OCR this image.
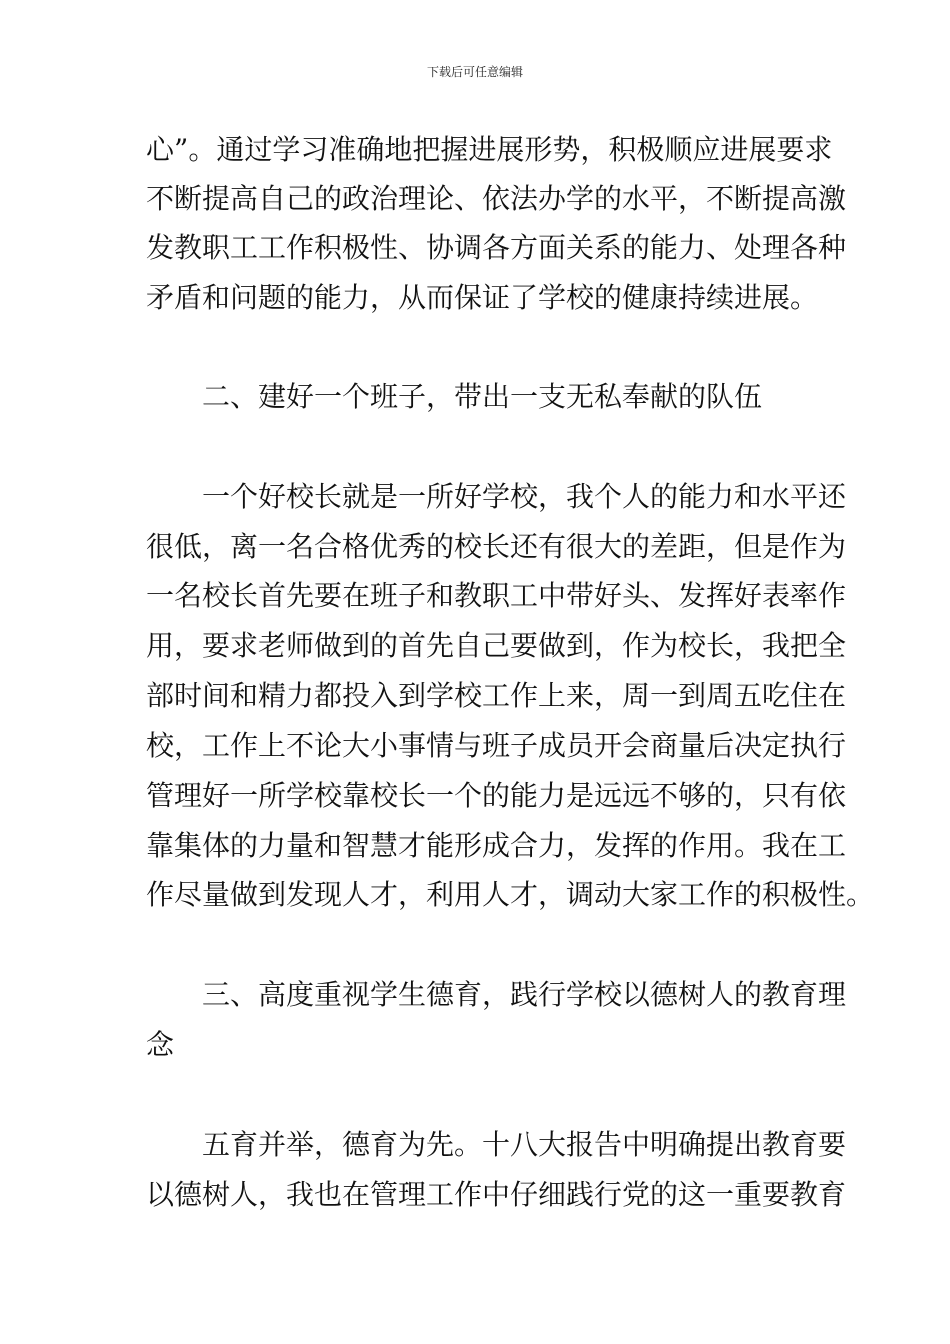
下载后可任意编辑
心”。通过学习准确地把握进展形势，积极顺应进展要求
不断提高自己的政治理论、依法办学的水平，不断提高激
发教职工工作积极性、协调各方面关系的能力、处理各种
矛盾和问题的能力，从而保证了学校的健康持续进展。
二、建好一个班子，带出一支无私奉献的队伍
一个好校长就是一所好学校，我个人的能力和水平还
很低，离一名合格优秀的校长还有很大的差距，但是作为
一名校长首先要在班子和教职工中带好头、发挥好表率作
用，要求老师做到的首先自己要做到，作为校长，我把全
部时间和精力都投入到学校工作上来，周一到周五吃住在
校，工作上不论大小事情与班子成员开会商量后决定执行
管理好一所学校靠校长一个的能力是远远不够的，只有依
靠集体的力量和智慧才能形成合力，发挥的作用。我在工
作尽量做到发现人才，利用人才，调动大家工作的积极性。
三、高度重视学生德育，践行学校以德树人的教育理
念
五育并举，德育为先。十八大报告中明确提出教育要
以德树人，我也在管理工作中仔细践行党的这一重要教育
